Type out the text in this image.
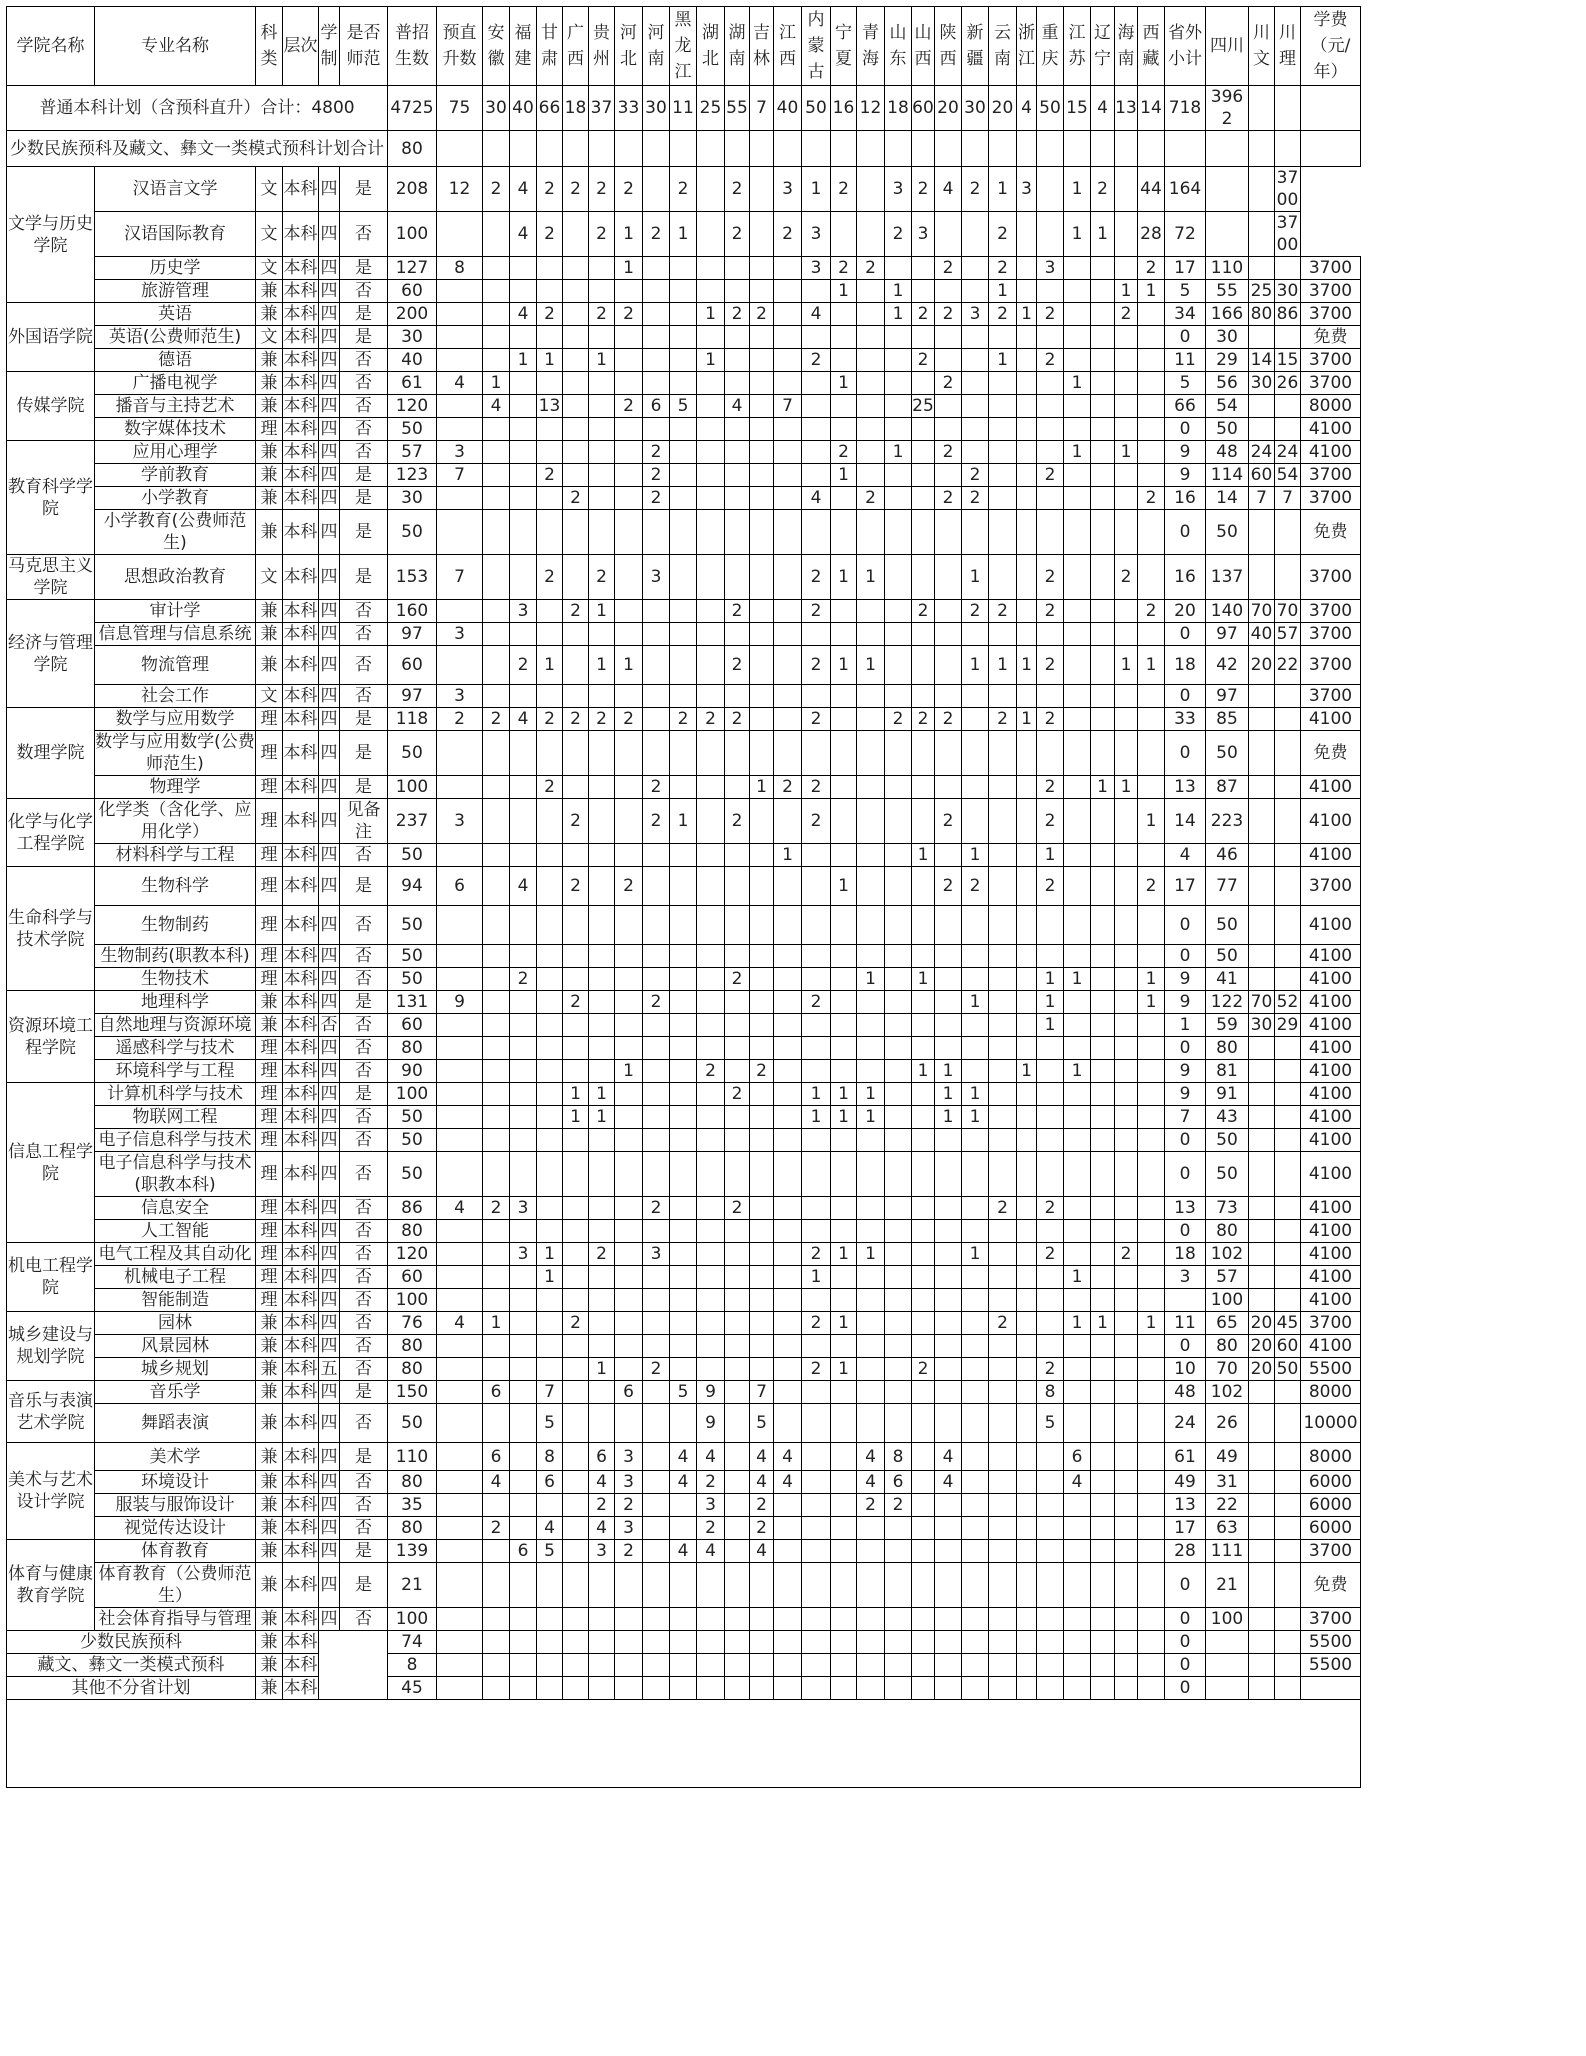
学院名称	专业名称	科类	层次	学制	是否师范	普招生数	预直升数	安徽	福建	甘肃	广西	贵州	河北	河南	黑龙江	湖北	湖南	吉林	江西	内蒙古	宁夏	青海	山东	山西	陕西	新疆	云南	浙江	重庆	江苏	辽宁	海南	西藏	省外小计	四川	川文	川理	学费（元/年）
普通本科计划（含预科直升）合计：4800						4725	75	30	40	66	18	37	33	30	11	25	55	7	40	50	16	12	18	60	20	30	20	4	50	15	4	13	14	718	3962			
少数民族预科及藏文、彝文一类模式预科计划合计						80																																
文学与历史学院	汉语言文学	文	本科	四	是	208	12	2	4	2	2	2	2		2		2		3	1	2		3	2	4	2	1	3		1	2		44	164			3700	
	汉语国际教育	文	本科	四	否	100			4	2		2	1	2	1		2		2	3			2	3			2			1	1		28	72			3700	
	历史学	文	本科	四	是	127	8						1							3	2	2			2		2		3				2	17	110			3700
	旅游管理	兼	本科	四	否	60															1		1				1					1	1	5	55	25	30	3700
外国语学院	英语	兼	本科	四	是	200			4	2		2	2			1	2	2		4			1	2	2	3	2	1	2			2		34	166	80	86	3700
	英语(公费师范生)	文	本科	四	是	30																												0	30			免费
	德语	兼	本科	四	否	40			1	1		1				1				2				2			1		2					11	29	14	15	3700
传媒学院	广播电视学	兼	本科	四	否	61	4	1													1				2					1				5	56	30	26	3700
	播音与主持艺术	兼	本科	四	否	120		4		13			2	6	5		4		7					25										66	54			8000
	数字媒体技术	理	本科	四	否	50																												0	50			4100
教育科学学院	应用心理学	兼	本科	四	否	57	3							2							2		1		2					1		1		9	48	24	24	4100
	学前教育	兼	本科	四	是	123	7			2				2							1					2			2					9	114	60	54	3700
	小学教育	兼	本科	四	是	30					2			2						4		2			2	2							2	16	14	7	7	3700
	小学教育(公费师范生)	兼	本科	四	是	50																												0	50			免费
马克思主义学院	思想政治教育	文	本科	四	是	153	7			2		2		3						2	1	1				1			2			2		16	137			3700
经济与管理学院	审计学	兼	本科	四	否	160			3		2	1					2			2				2		2	2		2				2	20	140	70	70	3700
	信息管理与信息系统	兼	本科	四	否	97	3																											0	97	40	57	3700
	物流管理	兼	本科	四	否	60			2	1		1	1				2			2	1	1				1	1	1	2			1	1	18	42	20	22	3700
	社会工作	文	本科	四	否	97	3																											0	97			3700
数理学院	数学与应用数学	理	本科	四	是	118	2	2	4	2	2	2	2		2	2	2			2			2	2	2		2	1	2					33	85			4100
	数学与应用数学(公费师范生)	理	本科	四	是	50																												0	50			免费
	物理学	理	本科	四	是	100				2				2				1	2	2									2		1	1		13	87			4100
化学与化学工程学院	化学类（含化学、应用化学）	理	本科	四	见备注	237	3				2			2	1		2			2					2				2				1	14	223			4100
	材料科学与工程	理	本科	四	否	50													1					1		1			1					4	46			4100
生命科学与技术学院	生物科学	理	本科	四	是	94	6		4		2		2								1				2	2			2				2	17	77			3700
	生物制药	理	本科	四	否	50																												0	50			4100
	生物制药(职教本科)	理	本科	四	否	50																												0	50			4100
	生物技术	理	本科	四	否	50			2								2					1		1					1	1			1	9	41			4100
资源环境工程学院	地理科学	兼	本科	四	是	131	9				2			2						2						1			1				1	9	122	70	52	4100
	自然地理与资源环境	兼	本科	否	否	60																							1					1	59	30	29	4100
	遥感科学与技术	理	本科	四	否	80																												0	80			4100
	环境科学与工程	理	本科	四	否	90							1			2		2						1	1			1		1				9	81			4100
信息工程学院	计算机科学与技术	理	本科	四	是	100					1	1					2			1	1	1			1	1								9	91			4100
	物联网工程	理	本科	四	否	50					1	1								1	1	1			1	1								7	43			4100
	电子信息科学与技术	理	本科	四	否	50																												0	50			4100
	电子信息科学与技术(职教本科)	理	本科	四	否	50																												0	50			4100
	信息安全	理	本科	四	否	86	4	2	3					2			2										2		2					13	73			4100
	人工智能	理	本科	四	否	80																												0	80			4100
机电工程学院	电气工程及其自动化	理	本科	四	否	120			3	1		2		3						2	1	1				1			2			2		18	102			4100
	机械电子工程	理	本科	四	否	60				1										1										1				3	57			4100
	智能制造	理	本科	四	否	100																													100			4100
城乡建设与规划学院	园林	兼	本科	四	否	76	4	1			2									2	1						2			1	1		1	11	65	20	45	3700
	风景园林	兼	本科	四	否	80																												0	80	20	60	4100
	城乡规划	兼	本科	五	否	80						1		2						2	1			2					2					10	70	20	50	5500
音乐与表演艺术学院	音乐学	兼	本科	四	是	150		6		7			6		5	9		7											8					48	102			8000
	舞蹈表演	兼	本科	四	否	50				5						9		5											5					24	26			10000
美术与艺术设计学院	美术学	兼	本科	四	是	110		6		8		6	3		4	4		4	4			4	8		4					6				61	49			8000
	环境设计	兼	本科	四	否	80		4		6		4	3		4	2		4	4			4	6		4					4				49	31			6000
	服装与服饰设计	兼	本科	四	否	35						2	2			3		2				2	2											13	22			6000
	视觉传达设计	兼	本科	四	否	80		2		4		4	3			2		2																17	63			6000
体育与健康教育学院	体育教育	兼	本科	四	是	139			6	5		3	2		4	4		4																28	111			3700
	体育教育（公费师范生）	兼	本科	四	是	21																												0	21			免费
	社会体育指导与管理	兼	本科	四	否	100																												0	100			3700
少数民族预科		兼	本科			74																												0				5500
藏文、彝文一类模式预科		兼	本科			8																												0				5500
其他不分省计划		兼	本科			45																												0				
